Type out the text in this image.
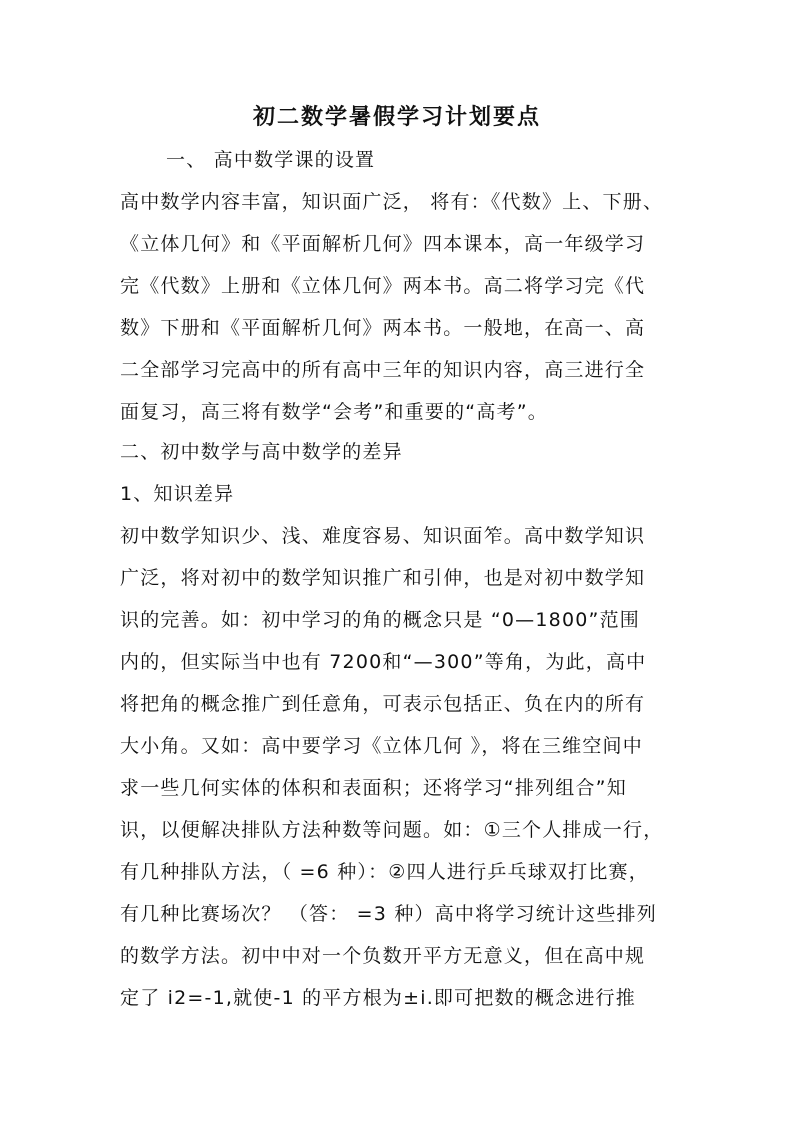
初二数学暑假学习计划要点

一、 高中数学课的设置

高中数学内容丰富，知识面广泛， 将有：《代数》上、下册、

《立体几何》和《平面解析几何》四本课本，高一年级学习

完《代数》上册和《立体几何》两本书。高二将学习完《代

数》下册和《平面解析几何》两本书。一般地，在高一、高

二全部学习完高中的所有高中三年的知识内容，高三进行全

面复习，高三将有数学“会考”和重要的“高考”。

二、初中数学与高中数学的差异

1、知识差异

初中数学知识少、浅、难度容易、知识面笮。高中数学知识

广泛，将对初中的数学知识推广和引伸，也是对初中数学知

识的完善。如：初中学习的角的概念只是 “0—1800”范围

内的，但实际当中也有 7200和“—300”等角，为此，高中

将把角的概念推广到任意角，可表示包括正、负在内的所有

大小角。又如：高中要学习《立体几何 》，将在三维空间中

求一些几何实体的体积和表面积；还将学习“排列组合”知

识，以便解决排队方法种数等问题。如：①三个人排成一行，

有几种排队方法，（ =6 种）：②四人进行乒乓球双打比赛，

有几种比赛场次？ （答： =3 种）高中将学习统计这些排列

的数学方法。初中中对一个负数开平方无意义，但在高中规

定了 i2=-1,就使-1 的平方根为±i.即可把数的概念进行推
